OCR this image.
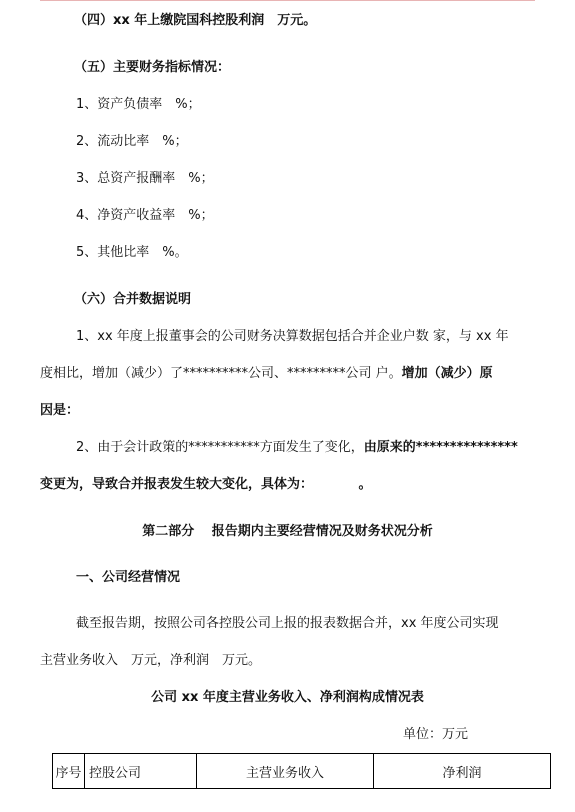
（四）xx 年上缴院国科控股利润　万元。
（五）主要财务指标情况：
1、资产负债率　%；
2、流动比率　%；
3、总资产报酬率　%；
4、净资产收益率　%；
5、其他比率　%。
（六）合并数据说明
1、xx 年度上报董事会的公司财务决算数据包括合并企业户数 家，与 xx 年
度相比，增加（减少）了**********公司、*********公司 户。增加（减少）原
因是：
2、由于会计政策的***********方面发生了变化，由原来的***************
变更为，导致合并报表发生较大变化，具体为：　　　　。
第二部分　 报告期内主要经营情况及财务状况分析
一、公司经营情况
截至报告期，按照公司各控股公司上报的报表数据合并，xx 年度公司实现
主营业务收入　万元，净利润　万元。
公司 xx 年度主营业务收入、净利润构成情况表
单位：万元
序号	控股公司	主营业务收入	净利润
